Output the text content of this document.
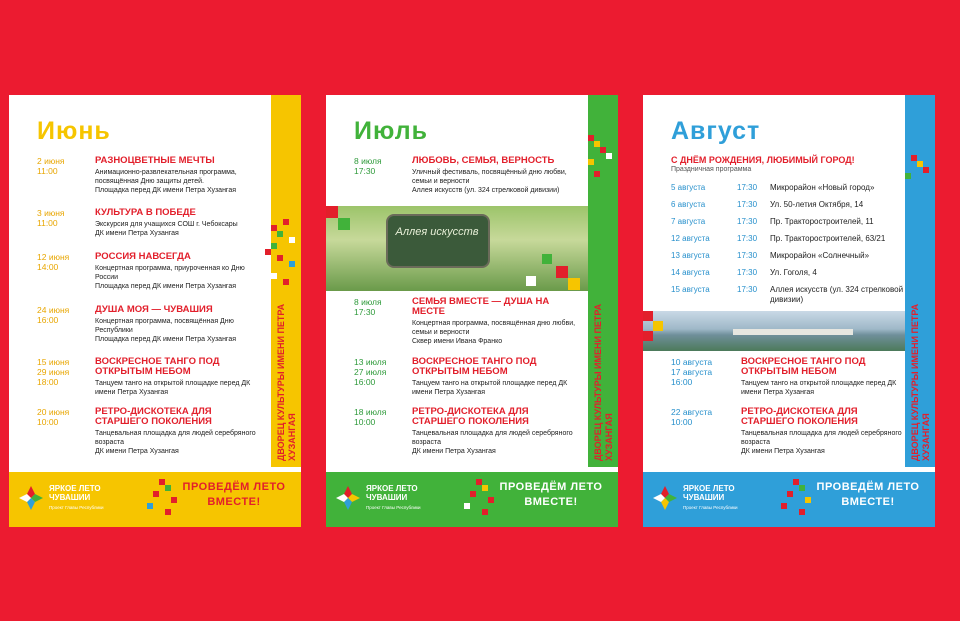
ДВОРЕЦ КУЛЬТУРЫ ИМЕНИ ПЕТРА ХУЗАНГАЯ
Июнь
2 июня
11:00
РАЗНОЦВЕТНЫЕ МЕЧТЫ
Анимационно-развлекательная программа, посвящённая Дню защиты детей.
Площадка перед ДК имени Петра Хузангая
3 июня
11:00
КУЛЬТУРА В ПОБЕДЕ
Экскурсия для учащихся СОШ г. Чебоксары
ДК имени Петра Хузангая
12 июня
14:00
РОССИЯ НАВСЕГДА
Концертная программа, приуроченная ко Дню России
Площадка перед ДК имени Петра Хузангая
24 июня
16:00
ДУША МОЯ — ЧУВАШИЯ
Концертная программа, посвящённая Дню Республики
Площадка перед ДК имени Петра Хузангая
15 июня
29 июня
18:00
ВОСКРЕСНОЕ ТАНГО ПОД ОТКРЫТЫМ НЕБОМ
Танцуем танго на открытой площадке перед ДК имени Петра Хузангая
20 июня
10:00
РЕТРО-ДИСКОТЕКА ДЛЯ СТАРШЕГО ПОКОЛЕНИЯ
Танцевальная площадка для людей серебряного возраста
ДК имени Петра Хузангая
ЯРКОЕ ЛЕТО ЧУВАШИИ
Проект Главы Республики
ПРОВЕДЁМ ЛЕТО ВМЕСТЕ!
ДВОРЕЦ КУЛЬТУРЫ ИМЕНИ ПЕТРА ХУЗАНГАЯ
Июль
8 июля
17:30
ЛЮБОВЬ, СЕМЬЯ, ВЕРНОСТЬ
Уличный фестиваль, посвящённый дню любви, семьи и верности
Аллея искусств (ул. 324 стрелковой дивизии)
Аллея искусств
8 июля
17:30
СЕМЬЯ ВМЕСТЕ — ДУША НА МЕСТЕ
Концертная программа, посвящённая дню любви, семьи и верности
Сквер имени Ивана Франко
13 июля
27 июля
16:00
ВОСКРЕСНОЕ ТАНГО ПОД ОТКРЫТЫМ НЕБОМ
Танцуем танго на открытой площадке перед ДК имени Петра Хузангая
18 июля
10:00
РЕТРО-ДИСКОТЕКА ДЛЯ СТАРШЕГО ПОКОЛЕНИЯ
Танцевальная площадка для людей серебряного возраста
ДК имени Петра Хузангая
ЯРКОЕ ЛЕТО ЧУВАШИИ
Проект Главы Республики
ПРОВЕДЁМ ЛЕТО ВМЕСТЕ!
ДВОРЕЦ КУЛЬТУРЫ ИМЕНИ ПЕТРА ХУЗАНГАЯ
Август
С ДНЁМ РОЖДЕНИЯ, ЛЮБИМЫЙ ГОРОД!
Праздничная программа
5 августа	17:30	Микрорайон «Новый город»
6 августа	17:30	Ул. 50-летия Октября, 14
7 августа	17:30	Пр. Тракторостроителей, 11
12 августа	17:30	Пр. Тракторостроителей, 63/21
13 августа	17:30	Микрорайон «Солнечный»
14 августа	17:30	Ул. Гоголя, 4
15 августа	17:30	Аллея искусств (ул. 324 стрелковой дивизии)
10 августа
17 августа
16:00
ВОСКРЕСНОЕ ТАНГО ПОД ОТКРЫТЫМ НЕБОМ
Танцуем танго на открытой площадке перед ДК имени Петра Хузангая
22 августа
10:00
РЕТРО-ДИСКОТЕКА ДЛЯ СТАРШЕГО ПОКОЛЕНИЯ
Танцевальная площадка для людей серебряного возраста
ДК имени Петра Хузангая
ЯРКОЕ ЛЕТО ЧУВАШИИ
Проект Главы Республики
ПРОВЕДЁМ ЛЕТО ВМЕСТЕ!
